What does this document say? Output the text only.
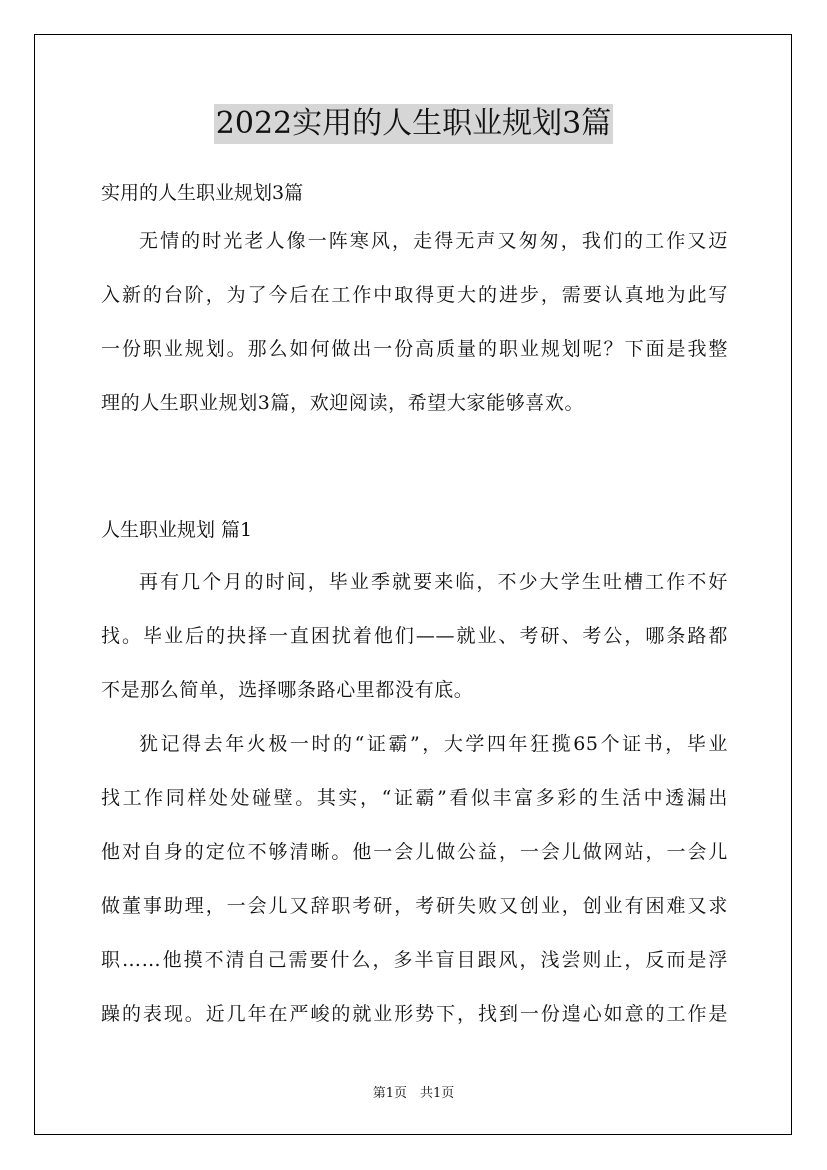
2022实用的人生职业规划3篇

实用的人生职业规划3篇

无情的时光老人像一阵寒风，走得无声又匆匆，我们的工作又迈
入新的台阶，为了今后在工作中取得更大的进步，需要认真地为此写
一份职业规划。那么如何做出一份高质量的职业规划呢？下面是我整
理的人生职业规划3篇，欢迎阅读，希望大家能够喜欢。

人生职业规划 篇1

再有几个月的时间，毕业季就要来临，不少大学生吐槽工作不好
找。毕业后的抉择一直困扰着他们——就业、考研、考公，哪条路都
不是那么简单，选择哪条路心里都没有底。

犹记得去年火极一时的“证霸”，大学四年狂揽65个证书，毕业
找工作同样处处碰壁。其实，“证霸”看似丰富多彩的生活中透漏出
他对自身的定位不够清晰。他一会儿做公益，一会儿做网站，一会儿
做董事助理，一会儿又辞职考研，考研失败又创业，创业有困难又求
职……他摸不清自己需要什么，多半盲目跟风，浅尝则止，反而是浮
躁的表现。近几年在严峻的就业形势下，找到一份遑心如意的工作是

第1页　共1页
